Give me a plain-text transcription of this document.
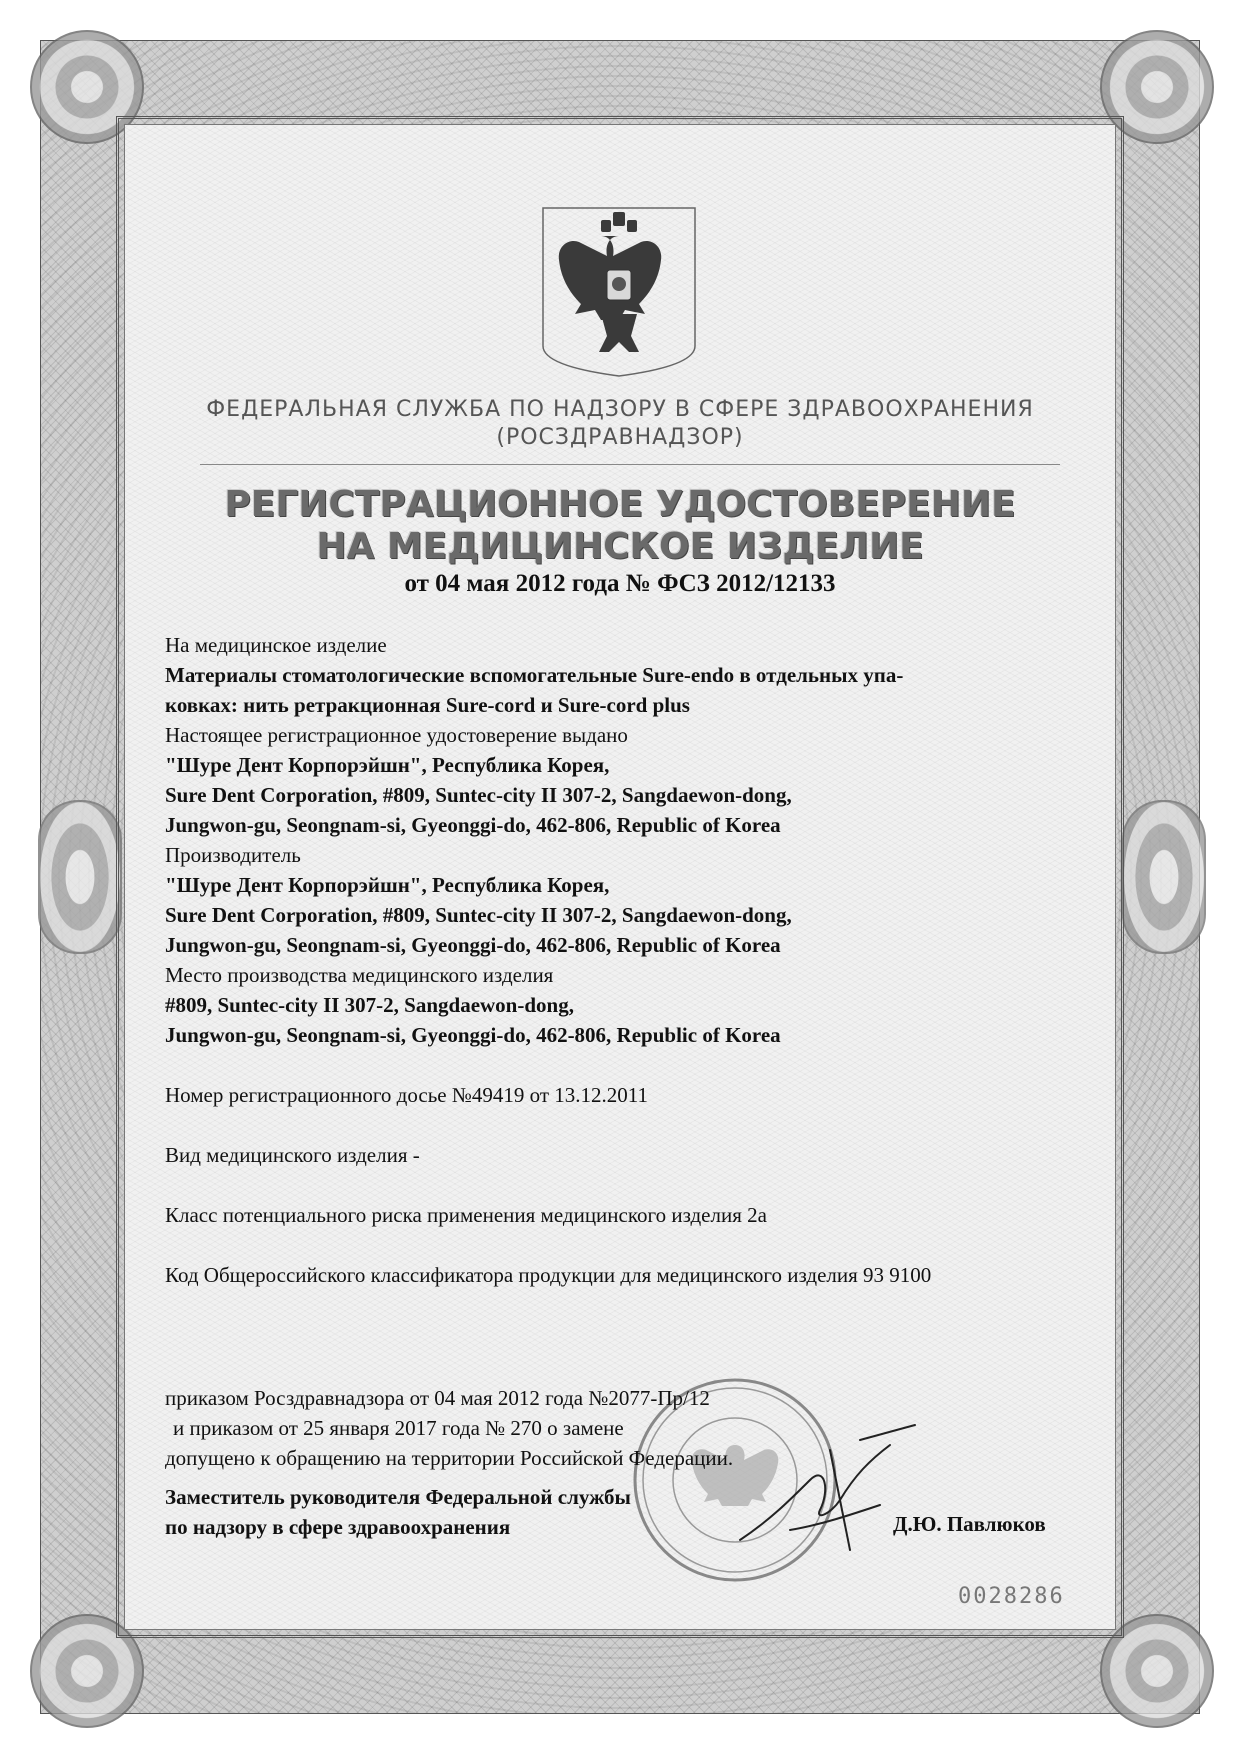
ФЕДЕРАЛЬНАЯ СЛУЖБА ПО НАДЗОРУ В СФЕРЕ ЗДРАВООХРАНЕНИЯ
(РОСЗДРАВНАДЗОР)
РЕГИСТРАЦИОННОЕ УДОСТОВЕРЕНИЕ
НА МЕДИЦИНСКОЕ ИЗДЕЛИЕ
от 04 мая 2012 года № ФСЗ 2012/12133
На медицинское изделие
Материалы стоматологические вспомогательные Sure-endo в отдельных упа-
ковках: нить ретракционная Sure-cord и Sure-cord plus
Настоящее регистрационное удостоверение выдано
"Шуре Дент Корпорэйшн", Республика Корея,
Sure Dent Corporation, #809, Suntec-city II 307-2, Sangdaewon-dong,
Jungwon-gu, Seongnam-si, Gyeonggi-do, 462-806, Republic of Korea
Производитель
"Шуре Дент Корпорэйшн", Республика Корея,
Sure Dent Corporation, #809, Suntec-city II 307-2, Sangdaewon-dong,
Jungwon-gu, Seongnam-si, Gyeonggi-do, 462-806, Republic of Korea
Место производства медицинского изделия
#809, Suntec-city II 307-2, Sangdaewon-dong,
Jungwon-gu, Seongnam-si, Gyeonggi-do, 462-806, Republic of Korea
Номер регистрационного досье №49419 от 13.12.2011
Вид медицинского изделия -
Класс потенциального риска применения медицинского изделия 2а
Код Общероссийского классификатора продукции для медицинского изделия 93 9100
приказом Росздравнадзора от 04 мая 2012 года №2077-Пр/12
и приказом от 25 января 2017 года № 270 о замене
допущено к обращению на территории Российской Федерации.
Заместитель руководителя Федеральной службы
по надзору в сфере здравоохранения	Д.Ю. Павлюков
0028286
